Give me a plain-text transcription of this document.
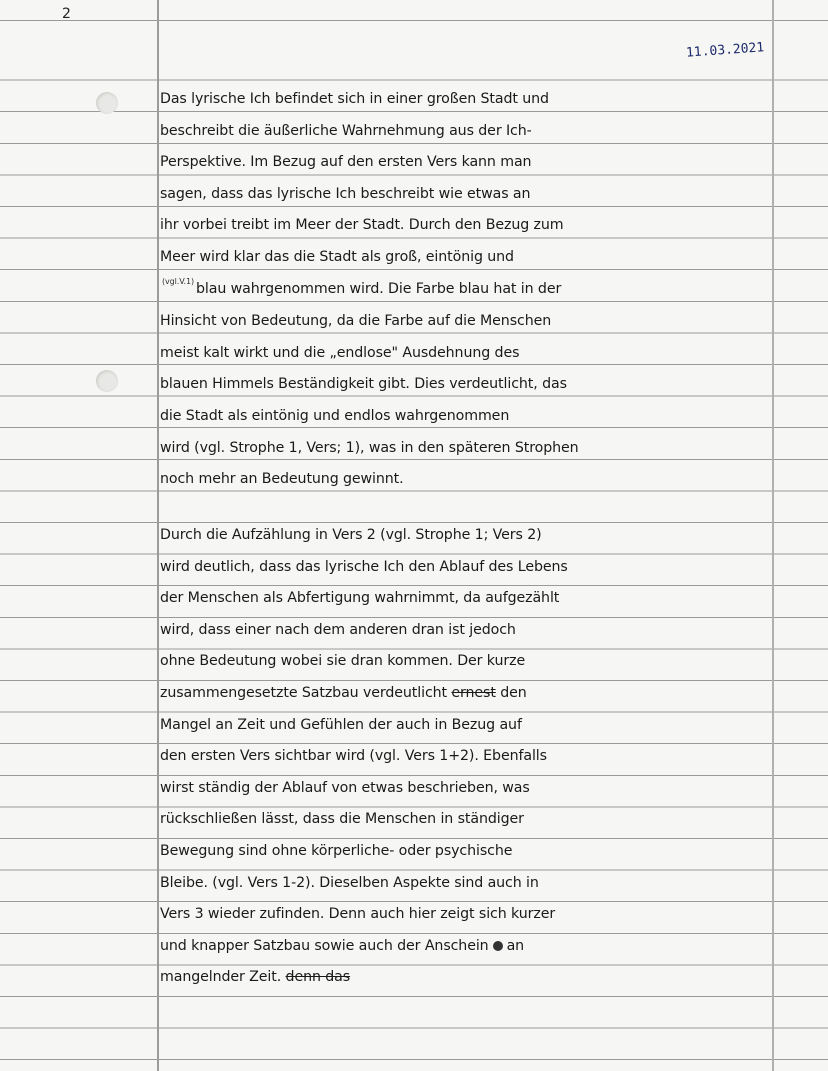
2
11.03.2021
Das lyrische Ich befindet sich in einer großen Stadt und
beschreibt die äußerliche Wahrnehmung aus der Ich-
Perspektive. Im Bezug auf den ersten Vers kann man
sagen, dass das lyrische Ich beschreibt wie etwas an
ihr vorbei treibt im Meer der Stadt. Durch den Bezug zum
Meer wird klar das die Stadt als groß, eintönig und
$^{(vgl.V.1)}$ blau wahrgenommen wird. Die Farbe blau hat in der
Hinsicht von Bedeutung, da die Farbe auf die Menschen
meist kalt wirkt und die „endlose" Ausdehnung des
blauen Himmels Beständigkeit gibt. Dies verdeutlicht, das
die Stadt als eintönig und endlos wahrgenommen
wird (vgl. Strophe 1, Vers; 1), was in den späteren Strophen
noch mehr an Bedeutung gewinnt.
Durch die Aufzählung in Vers 2 (vgl. Strophe 1; Vers 2)
wird deutlich, dass das lyrische Ich den Ablauf des Lebens
der Menschen als Abfertigung wahrnimmt, da aufgezählt
wird, dass einer nach dem anderen dran ist jedoch
ohne Bedeutung wobei sie dran kommen. Der kurze
zusammengesetzte Satzbau verdeutlicht ernest den
Mangel an Zeit und Gefühlen der auch in Bezug auf
den ersten Vers sichtbar wird (vgl. Vers 1+2). Ebenfalls
wirst ständig der Ablauf von etwas beschrieben, was
rückschließen lässt, dass die Menschen in ständiger
Bewegung sind ohne körperliche- oder psychische
Bleibe. (vgl. Vers 1-2). Dieselben Aspekte sind auch in
Vers 3 wieder zufinden. Denn auch hier zeigt sich kurzer
und knapper Satzbau sowie auch der Anschein an
mangelnder Zeit. denn das
